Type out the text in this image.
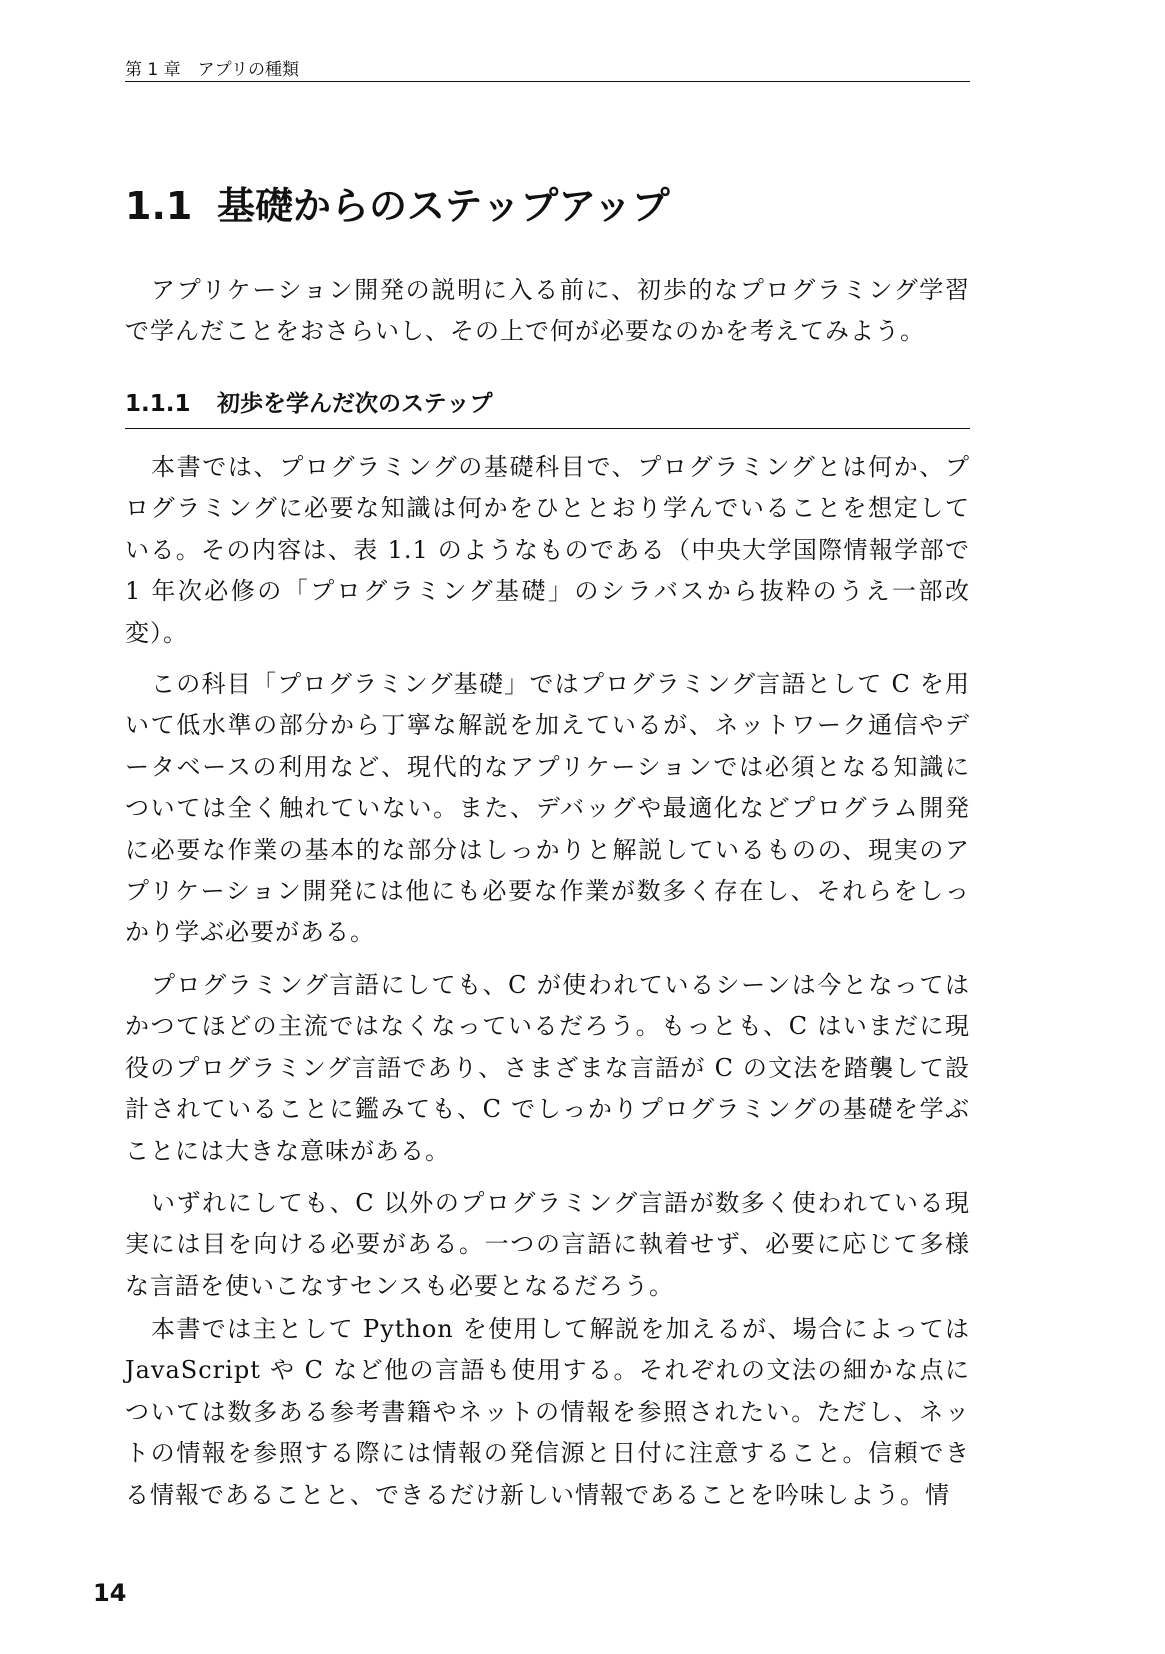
第 1 章　アプリの種類
1.1 基礎からのステップアップ

アプリケーション開発の説明に入る前に、初歩的なプログラミング学習で学んだことをおさらいし、その上で何が必要なのかを考えてみよう。

1.1.1 初歩を学んだ次のステップ

本書では、プログラミングの基礎科目で、プログラミングとは何か、プログラミングに必要な知識は何かをひととおり学んでいることを想定している。その内容は、表 1.1 のようなものである（中央大学国際情報学部で 1 年次必修の「プログラミング基礎」のシラバスから抜粋のうえ一部改変）。

この科目「プログラミング基礎」ではプログラミング言語として C を用いて低水準の部分から丁寧な解説を加えているが、ネットワーク通信やデータベースの利用など、現代的なアプリケーションでは必須となる知識については全く触れていない。また、デバッグや最適化などプログラム開発に必要な作業の基本的な部分はしっかりと解説しているものの、現実のアプリケーション開発には他にも必要な作業が数多く存在し、それらをしっかり学ぶ必要がある。

プログラミング言語にしても、C が使われているシーンは今となってはかつてほどの主流ではなくなっているだろう。もっとも、C はいまだに現役のプログラミング言語であり、さまざまな言語が C の文法を踏襲して設計されていることに鑑みても、C でしっかりプログラミングの基礎を学ぶことには大きな意味がある。

いずれにしても、C 以外のプログラミング言語が数多く使われている現実には目を向ける必要がある。一つの言語に執着せず、必要に応じて多様な言語を使いこなすセンスも必要となるだろう。

本書では主として Python を使用して解説を加えるが、場合によっては JavaScript や C など他の言語も使用する。それぞれの文法の細かな点については数多ある参考書籍やネットの情報を参照されたい。ただし、ネットの情報を参照する際には情報の発信源と日付に注意すること。信頼できる情報であることと、できるだけ新しい情報であることを吟味しよう。情

14
